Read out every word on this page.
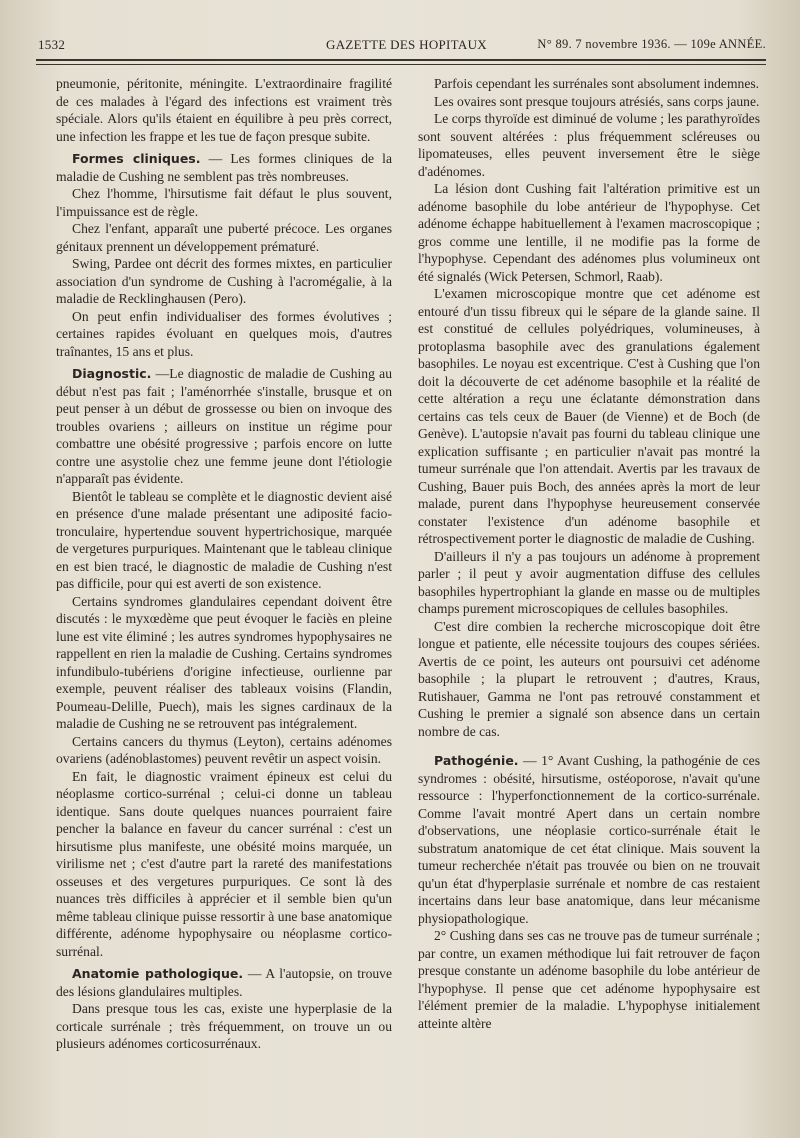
1532	GAZETTE DES HOPITAUX	N° 89. 7 novembre 1936. — 109e ANNÉE.

pneumonie, péritonite, méningite. L'extraordinaire fragilité de ces malades à l'égard des infections est vraiment très spéciale. Alors qu'ils étaient en équilibre à peu près correct, une infection les frappe et les tue de façon presque subite.

Formes cliniques. — Les formes cliniques de la maladie de Cushing ne semblent pas très nombreuses.

Chez l'homme, l'hirsutisme fait défaut le plus souvent, l'impuissance est de règle.

Chez l'enfant, apparaît une puberté précoce. Les organes génitaux prennent un développement prématuré.

Swing, Pardee ont décrit des formes mixtes, en particulier association d'un syndrome de Cushing à l'acromégalie, à la maladie de Recklinghausen (Pero).

On peut enfin individualiser des formes évolutives ; certaines rapides évoluant en quelques mois, d'autres traînantes, 15 ans et plus.

Diagnostic. —Le diagnostic de maladie de Cushing au début n'est pas fait ; l'aménorrhée s'installe, brusque et on peut penser à un début de grossesse ou bien on invoque des troubles ovariens ; ailleurs on institue un régime pour combattre une obésité progressive ; parfois encore on lutte contre une asystolie chez une femme jeune dont l'étiologie n'apparaît pas évidente.

Bientôt le tableau se complète et le diagnostic devient aisé en présence d'une malade présentant une adiposité facio-tronculaire, hypertendue souvent hypertrichosique, marquée de vergetures purpuriques. Maintenant que le tableau clinique en est bien tracé, le diagnostic de maladie de Cushing n'est pas difficile, pour qui est averti de son existence.

Certains syndromes glandulaires cependant doivent être discutés : le myxœdème que peut évoquer le faciès en pleine lune est vite éliminé ; les autres syndromes hypophysaires ne rappellent en rien la maladie de Cushing. Certains syndromes infundibulo-tubériens d'origine infectieuse, ourlienne par exemple, peuvent réaliser des tableaux voisins (Flandin, Poumeau-Delille, Puech), mais les signes cardinaux de la maladie de Cushing ne se retrouvent pas intégralement.

Certains cancers du thymus (Leyton), certains adénomes ovariens (adénoblastomes) peuvent revêtir un aspect voisin.

En fait, le diagnostic vraiment épineux est celui du néoplasme cortico-surrénal ; celui-ci donne un tableau identique. Sans doute quelques nuances pourraient faire pencher la balance en faveur du cancer surrénal : c'est un hirsutisme plus manifeste, une obésité moins marquée, un virilisme net ; c'est d'autre part la rareté des manifestations osseuses et des vergetures purpuriques. Ce sont là des nuances très difficiles à apprécier et il semble bien qu'un même tableau clinique puisse ressortir à une base anatomique différente, adénome hypophysaire ou néoplasme cortico-surrénal.

Anatomie pathologique. — A l'autopsie, on trouve des lésions glandulaires multiples.

Dans presque tous les cas, existe une hyperplasie de la corticale surrénale ; très fréquemment, on trouve un ou plusieurs adénomes corticosurrénaux.

Parfois cependant les surrénales sont absolument indemnes.

Les ovaires sont presque toujours atrésiés, sans corps jaune.

Le corps thyroïde est diminué de volume ; les parathyroïdes sont souvent altérées : plus fréquemment scléreuses ou lipomateuses, elles peuvent inversement être le siège d'adénomes.

La lésion dont Cushing fait l'altération primitive est un adénome basophile du lobe antérieur de l'hypophyse. Cet adénome échappe habituellement à l'examen macroscopique ; gros comme une lentille, il ne modifie pas la forme de l'hypophyse. Cependant des adénomes plus volumineux ont été signalés (Wick Petersen, Schmorl, Raab).

L'examen microscopique montre que cet adénome est entouré d'un tissu fibreux qui le sépare de la glande saine. Il est constitué de cellules polyédriques, volumineuses, à protoplasma basophile avec des granulations également basophiles. Le noyau est excentrique. C'est à Cushing que l'on doit la découverte de cet adénome basophile et la réalité de cette altération a reçu une éclatante démonstration dans certains cas tels ceux de Bauer (de Vienne) et de Boch (de Genève). L'autopsie n'avait pas fourni du tableau clinique une explication suffisante ; en particulier n'avait pas montré la tumeur surrénale que l'on attendait. Avertis par les travaux de Cushing, Bauer puis Boch, des années après la mort de leur malade, purent dans l'hypophyse heureusement conservée constater l'existence d'un adénome basophile et rétrospectivement porter le diagnostic de maladie de Cushing.

D'ailleurs il n'y a pas toujours un adénome à proprement parler ; il peut y avoir augmentation diffuse des cellules basophiles hypertrophiant la glande en masse ou de multiples champs purement microscopiques de cellules basophiles.

C'est dire combien la recherche microscopique doit être longue et patiente, elle nécessite toujours des coupes sériées. Avertis de ce point, les auteurs ont poursuivi cet adénome basophile ; la plupart le retrouvent ; d'autres, Kraus, Rutishauer, Gamma ne l'ont pas retrouvé constamment et Cushing le premier a signalé son absence dans un certain nombre de cas.

Pathogénie. — 1° Avant Cushing, la pathogénie de ces syndromes : obésité, hirsutisme, ostéoporose, n'avait qu'une ressource : l'hyperfonctionnement de la cortico-surrénale. Comme l'avait montré Apert dans un certain nombre d'observations, une néoplasie cortico-surrénale était le substratum anatomique de cet état clinique. Mais souvent la tumeur recherchée n'était pas trouvée ou bien on ne trouvait qu'un état d'hyperplasie surrénale et nombre de cas restaient incertains dans leur base anatomique, dans leur mécanisme physiopathologique.

2° Cushing dans ses cas ne trouve pas de tumeur surrénale ; par contre, un examen méthodique lui fait retrouver de façon presque constante un adénome basophile du lobe antérieur de l'hypophyse. Il pense que cet adénome hypophysaire est l'élément premier de la maladie. L'hypophyse initialement atteinte altère
